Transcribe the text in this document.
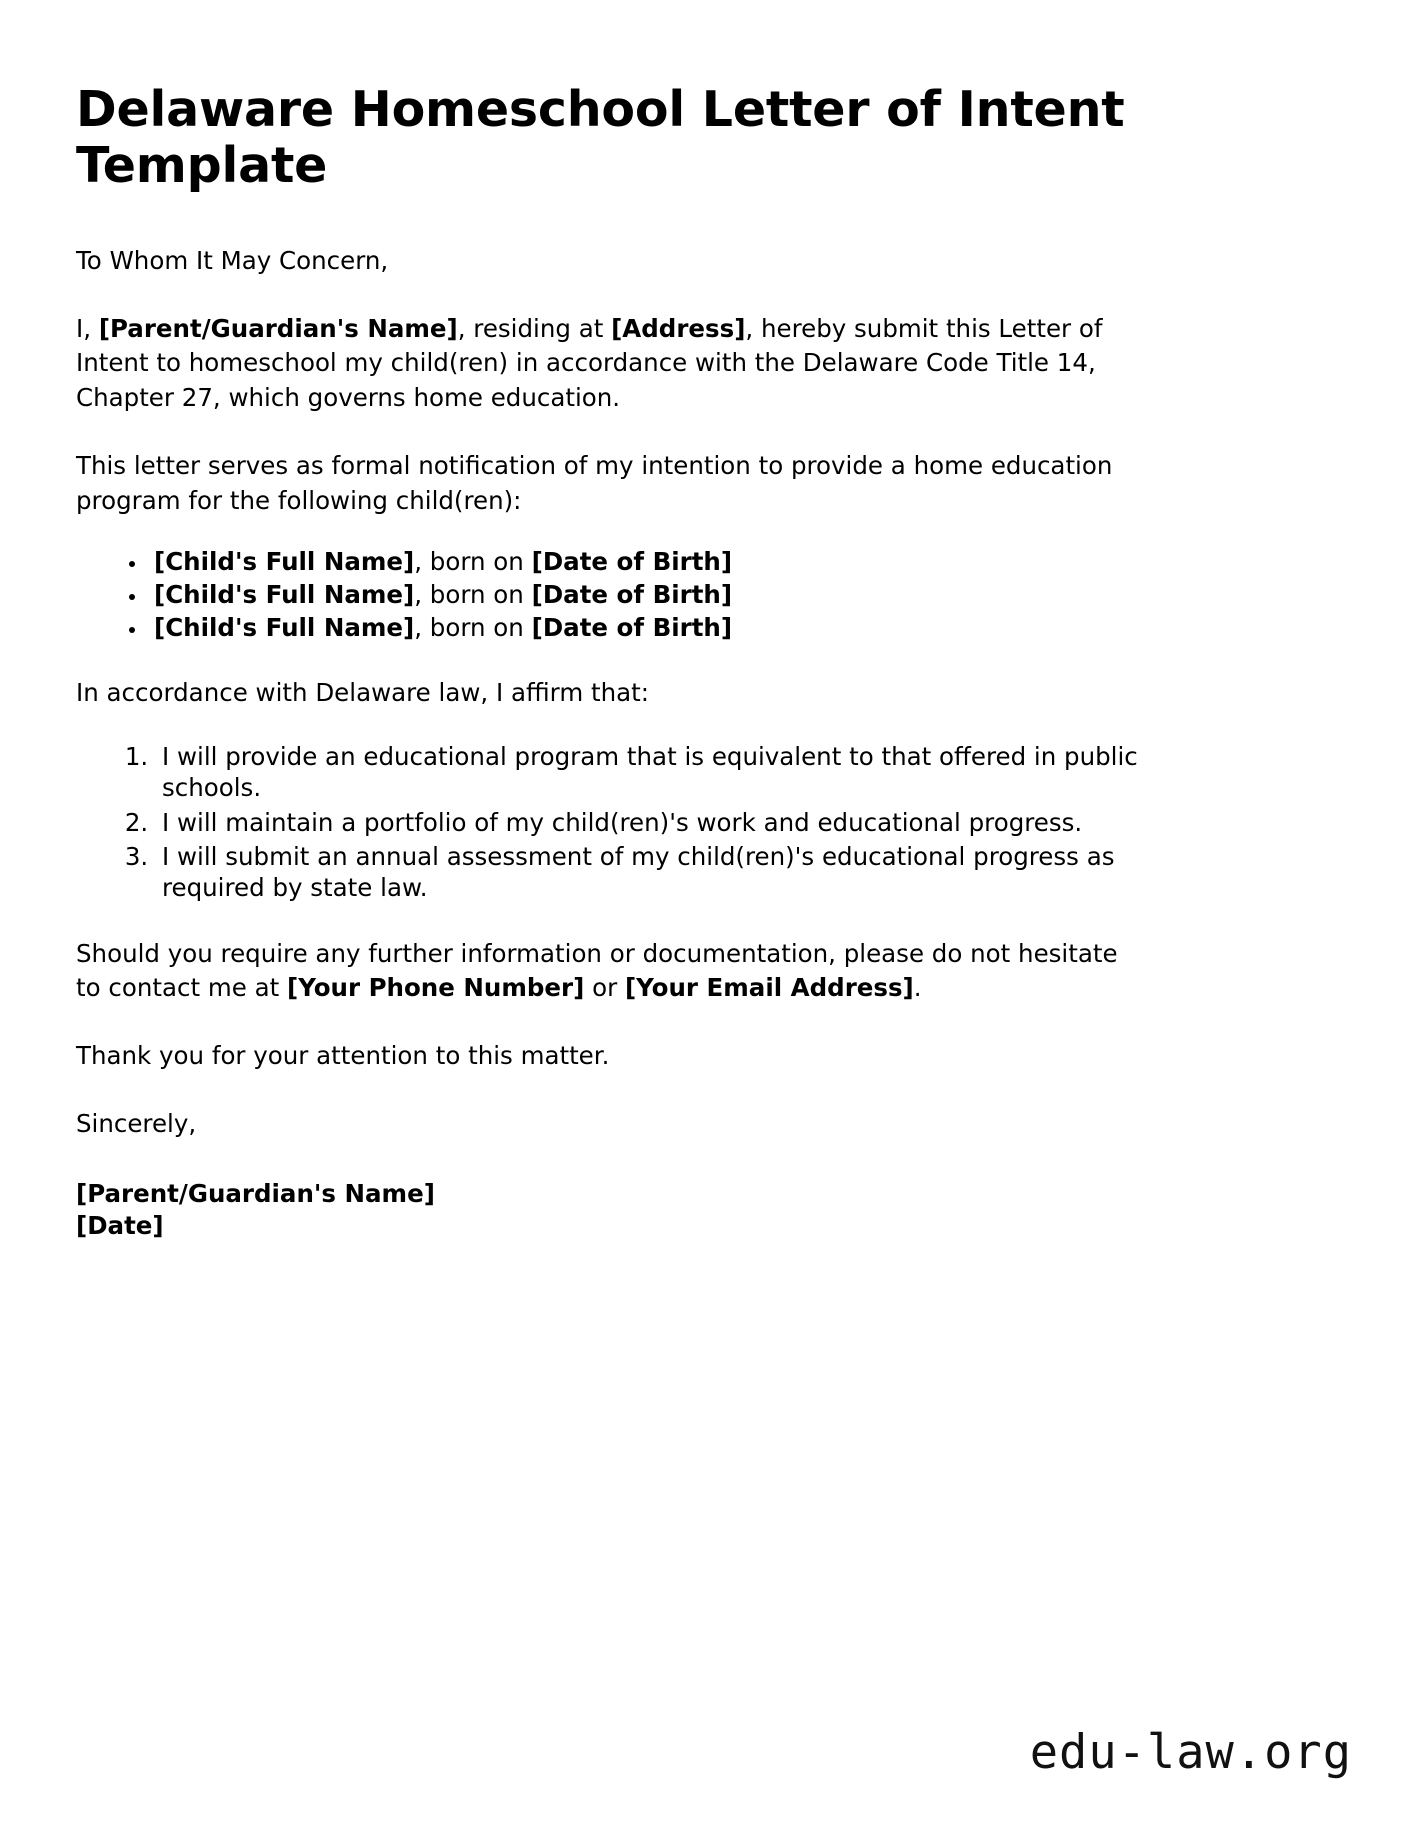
Delaware Homeschool Letter of Intent Template

To Whom It May Concern,

I, [Parent/Guardian's Name], residing at [Address], hereby submit this Letter of Intent to homeschool my child(ren) in accordance with the Delaware Code Title 14, Chapter 27, which governs home education.

This letter serves as formal notification of my intention to provide a home education program for the following child(ren):

• [Child's Full Name], born on [Date of Birth]
• [Child's Full Name], born on [Date of Birth]
• [Child's Full Name], born on [Date of Birth]

In accordance with Delaware law, I affirm that:

1. I will provide an educational program that is equivalent to that offered in public schools.
2. I will maintain a portfolio of my child(ren)'s work and educational progress.
3. I will submit an annual assessment of my child(ren)'s educational progress as required by state law.

Should you require any further information or documentation, please do not hesitate to contact me at [Your Phone Number] or [Your Email Address].

Thank you for your attention to this matter.

Sincerely,

[Parent/Guardian's Name]
[Date]
edu-law.org
